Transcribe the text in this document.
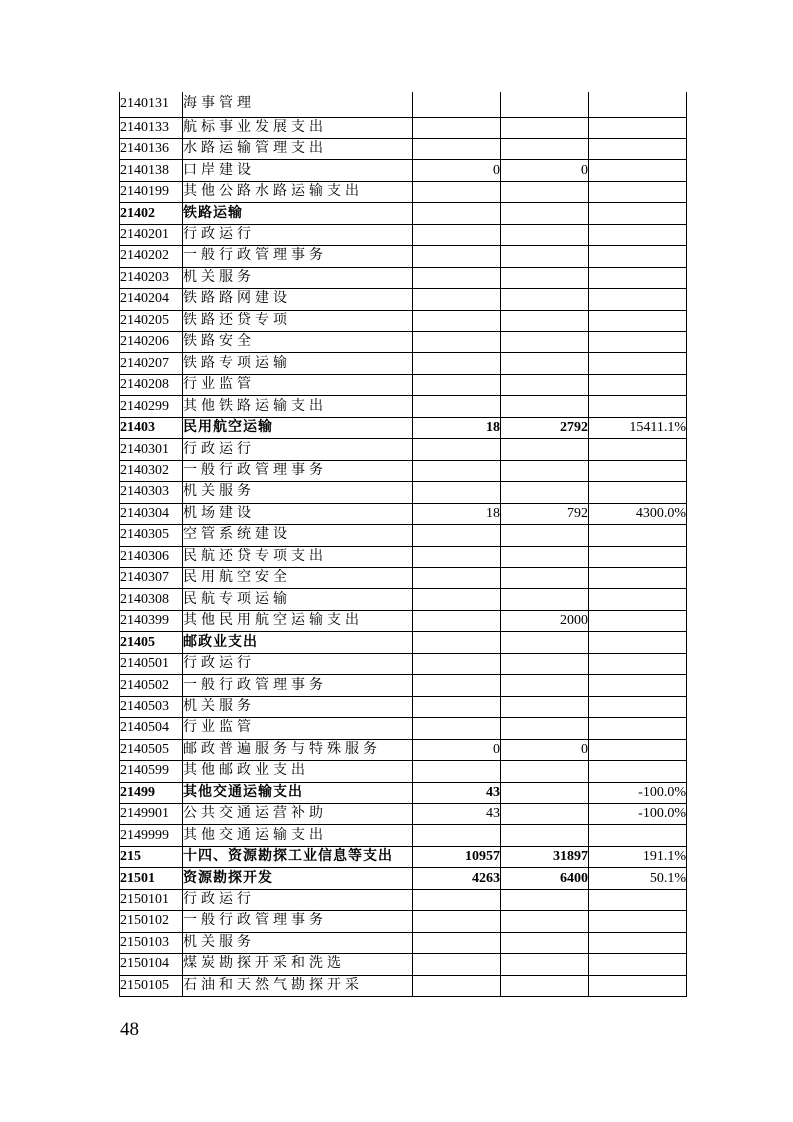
2140131	海事管理			
2140133	航标事业发展支出			
2140136	水路运输管理支出			
2140138	口岸建设	0	0	
2140199	其他公路水路运输支出			
21402	铁路运输			
2140201	行政运行			
2140202	一般行政管理事务			
2140203	机关服务			
2140204	铁路路网建设			
2140205	铁路还贷专项			
2140206	铁路安全			
2140207	铁路专项运输			
2140208	行业监管			
2140299	其他铁路运输支出			
21403	民用航空运输	18	2792	15411.1%
2140301	行政运行			
2140302	一般行政管理事务			
2140303	机关服务			
2140304	机场建设	18	792	4300.0%
2140305	空管系统建设			
2140306	民航还贷专项支出			
2140307	民用航空安全			
2140308	民航专项运输			
2140399	其他民用航空运输支出		2000	
21405	邮政业支出			
2140501	行政运行			
2140502	一般行政管理事务			
2140503	机关服务			
2140504	行业监管			
2140505	邮政普遍服务与特殊服务	0	0	
2140599	其他邮政业支出			
21499	其他交通运输支出	43		-100.0%
2149901	公共交通运营补助	43		-100.0%
2149999	其他交通运输支出			
215	十四、资源勘探工业信息等支出	10957	31897	191.1%
21501	资源勘探开发	4263	6400	50.1%
2150101	行政运行			
2150102	一般行政管理事务			
2150103	机关服务			
2150104	煤炭勘探开采和洗选			
2150105	石油和天然气勘探开采			
48
